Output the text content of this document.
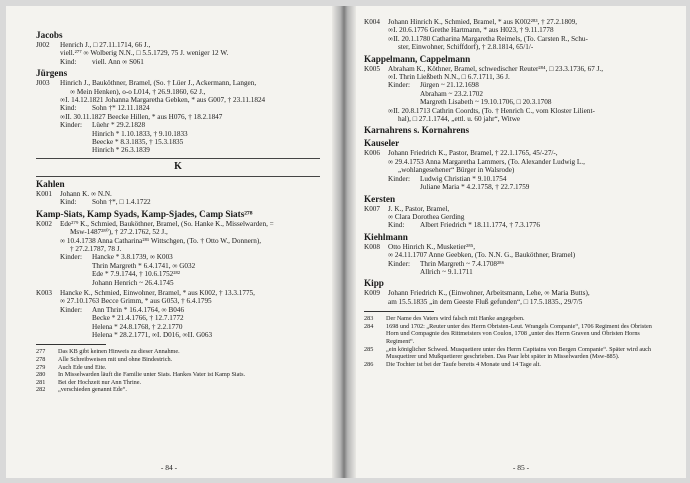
Jacobs
J002	Henrich J., □ 27.11.1714, 66 J.,
viell.²⁷⁷ ∞ Wolberig N.N., □ 5.5.1729, 75 J. weniger 12 W.
Kind:	viell. Ann ∞ S061
Jürgens
J003	Hinrich J., Bauköthner, Bramel, (So. † Lüer J., Ackermann, Langen,
∞ Mein Henken), o-o L014, † 26.9.1860, 62 J.,
∞I. 14.12.1821 Johanna Margaretha Gebken, * aus G007, † 23.11.1824
Kind:	Sohn †* 12.11.1824
∞II. 30.11.1827 Beecke Hillen, * aus H076, † 18.2.1847
Kinder:	Lüehr * 29.2.1828
Hinrich * 1.10.1833, † 9.10.1833
Beecke * 8.3.1835, † 15.3.1835
Hinrich * 26.3.1839
K
Kahlen
K001	Johann K. ∞ N.N.
Kind:	Sohn †*, □ 1.4.1722
Kamp-Siats, Kamp Syads, Kamp-Sjades, Camp Siats²⁷⁸
K002	Ede²⁷⁹ K., Schmied, Bauköthner, Bramel, (So. Hanke K., Misselwarden, =
Msw-1487²⁸⁰), † 27.2.1762, 52 J.,
∞ 10.4.1738 Anna Catharina²⁸¹ Wittschgen, (To. † Otto W., Donnern),
† 27.2.1787, 78 J.
Kinder:	Hancke * 3.8.1739, ∞ K003
Thrin Margreth * 6.4.1741, ∞ G032
Ede * 7.9.1744, † 10.6.1752²⁸²
Johann Henrich ~ 26.4.1745
K003	Hancke K., Schmied, Einwohner, Bramel, * aus K002, † 13.3.1775,
∞ 27.10.1763 Becce Grimm, * aus G053, † 6.4.1795
Kinder:	Ann Thrin * 16.4.1764, ∞ B046
Becke * 21.4.1766, † 12.7.1772
Helena * 24.8.1768, † 2.2.1770
Helena * 28.2.1771, ∞I. D016, ∞II. G063
277	Das KB gibt keinen Hinweis zu dieser Annahme.
278	Alle Schreibweisen mit und ohne Bindestrich.
279	Auch Ede und Eite.
280	In Misselwarden läuft die Familie unter Siats. Hankes Vater ist Kamp Siats.
281	Bei der Hochzeit nur Ann Thrine.
282	„verschieden genannt Ede“.
- 84 -
K004	Johann Hinrich K., Schmied, Bramel, * aus K002²⁸³, † 27.2.1809,
∞I. 20.6.1776 Grethe Hartmann, * aus H023, † 9.11.1778
∞II. 20.1.1780 Catharina Margaretha Reimels, (To. Carsten R., Schu-
ster, Einwohner, Schiffdorf), † 2.8.1814, 65/1/-
Kappelmann, Cappelmann
K005	Abraham K., Köthner, Bramel, schwedischer Reuter²⁸⁴, □ 23.3.1736, 67 J.,
∞I. Thrin Ließbeth N.N., □ 6.7.1711, 36 J.
Kinder:	Jürgen ~ 21.12.1698
Abraham ~ 23.2.1702
Margreth Lisabeth ~ 19.10.1706, □ 20.3.1708
∞II. 20.8.1713 Cathrin Coordts, (To. † Henrich C., vom Kloster Lilient-
hal), □ 27.1.1744, „ettl. u. 60 jahr“, Witwe
Karnahrens s. Kornahrens
Kauseler
K006	Johann Friedrich K., Pastor, Bramel, † 22.1.1765, 45/-27/-,
∞ 29.4.1753 Anna Margaretha Lammers, (To. Alexander Ludwig L.,
„wohlangesehener“ Bürger in Walsrode)
Kinder:	Ludwig Christian * 9.10.1754
Juliane Maria * 4.2.1758, † 22.7.1759
Kersten
K007	J. K., Pastor, Bramel,
∞ Clara Dorothea Gerding
Kind:	Albert Friedrich * 18.11.1774, † 7.3.1776
Kiehlmann
K008	Otto Hinrich K., Musketier²⁸⁵,
∞ 24.11.1707 Anne Geebken, (To. N.N. G., Bauköthner, Bramel)
Kinder:	Thrin Margreth ~ 7.4.1708²⁸⁶
Allrich ~ 9.1.1711
Kipp
K009	Johann Friedrich K., (Einwohner, Arbeitsmann, Lehe, ∞ Maria Butts),
am 15.5.1835 „in dem Geeste Fluß gefunden“, □ 17.5.1835., 29/7/5
283	Der Name des Vaters wird falsch mit Hanke angegeben.
284	1698 und 1702: „Reuter unter des Herrn Obristen-Leut. Wrangels Companie“, 1706 Regiment des Obristen Horn und Compagnie des Rittmeisters von Coulon, 1708 „unter des Herrn Graven und Obristen Horns Regiment“.
285	„ein königlicher Schwed. Musquetiere unter des Herrn Capitains von Bergen Companie“. Später wird auch Musquetirer und Mußquetierer geschrieben. Das Paar lebt später in Misselwarden (Msw-885).
286	Die Tochter ist bei der Taufe bereits 4 Monate und 14 Tage alt.
- 85 -
